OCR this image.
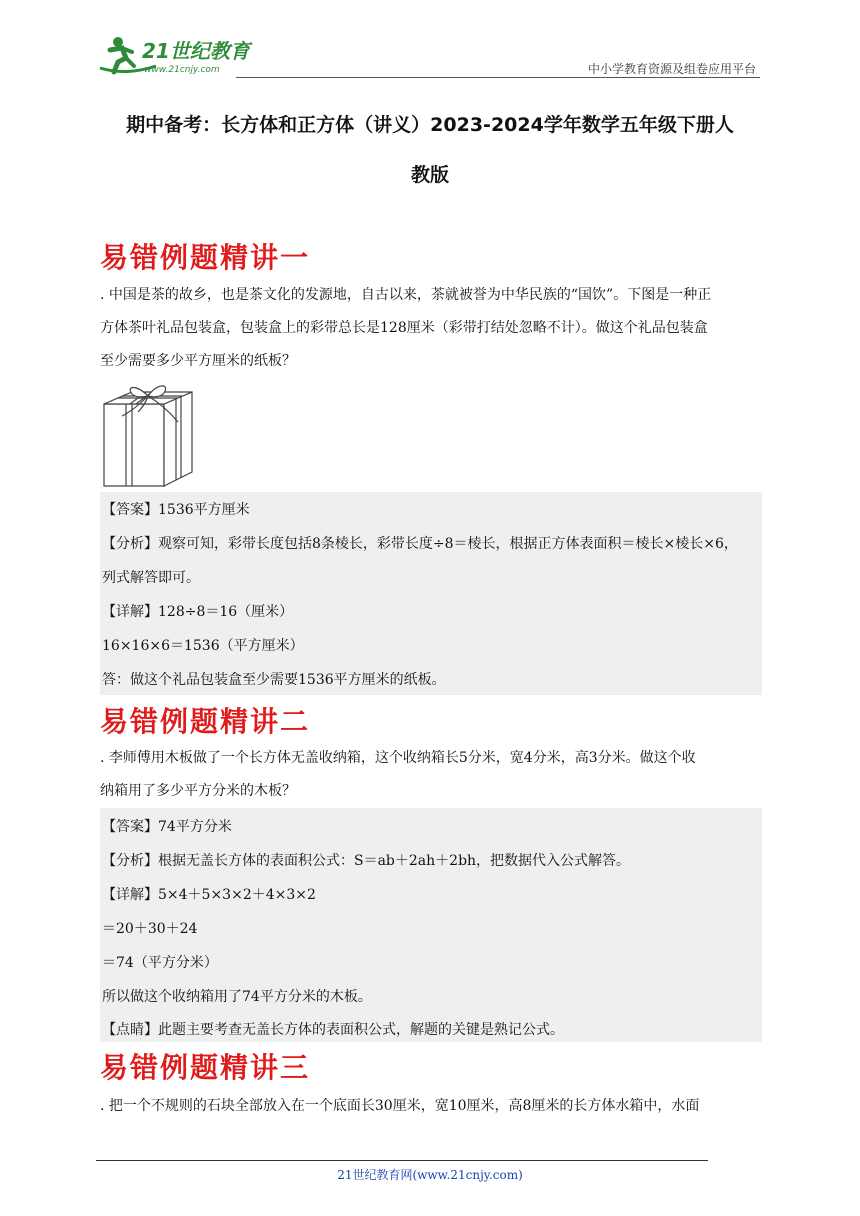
21世纪教育
www.21cnjy.com	中小学教育资源及组卷应用平台
期中备考：长方体和正方体（讲义）2023-2024学年数学五年级下册人
教版
易错例题精讲一
. 中国是茶的故乡，也是茶文化的发源地，自古以来，茶就被誉为中华民族的“国饮”。下图是一种正
方体茶叶礼品包装盒，包装盒上的彩带总长是128厘米（彩带打结处忽略不计）。做这个礼品包装盒
至少需要多少平方厘米的纸板？
【答案】1536平方厘米
【分析】观察可知，彩带长度包括8条棱长，彩带长度÷8＝棱长，根据正方体表面积＝棱长×棱长×6，
列式解答即可。
【详解】128÷8＝16（厘米）
16×16×6＝1536（平方厘米）
答：做这个礼品包装盒至少需要1536平方厘米的纸板。
易错例题精讲二
. 李师傅用木板做了一个长方体无盖收纳箱，这个收纳箱长5分米，宽4分米，高3分米。做这个收
纳箱用了多少平方分米的木板？
【答案】74平方分米
【分析】根据无盖长方体的表面积公式：S＝ab＋2ah＋2bh，把数据代入公式解答。
【详解】5×4＋5×3×2＋4×3×2
＝20＋30＋24
＝74（平方分米）
所以做这个收纳箱用了74平方分米的木板。
【点睛】此题主要考查无盖长方体的表面积公式，解题的关键是熟记公式。
易错例题精讲三
. 把一个不规则的石块全部放入在一个底面长30厘米，宽10厘米，高8厘米的长方体水箱中，水面
21世纪教育网(www.21cnjy.com)
